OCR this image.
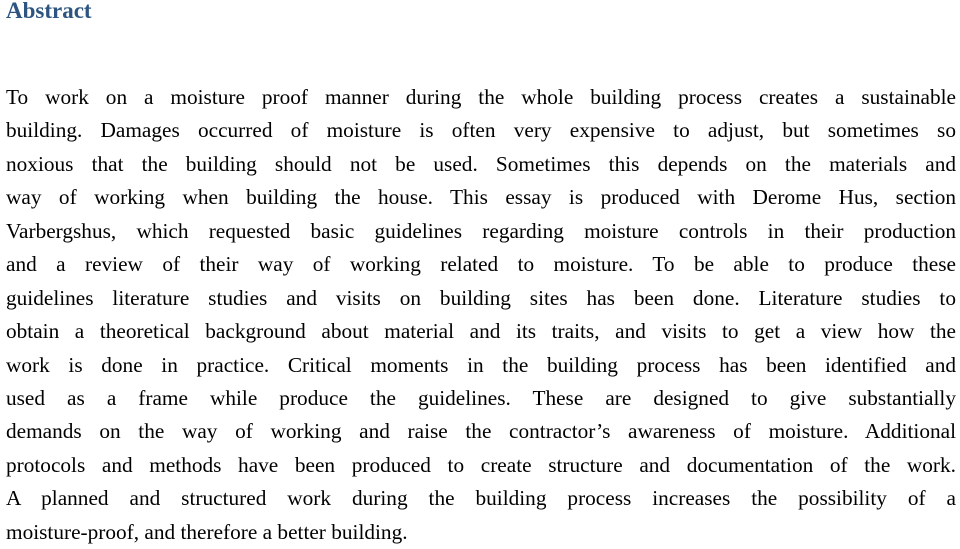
Abstract
To work on a moisture proof manner during the whole building process creates a sustainable
building. Damages occurred of moisture is often very expensive to adjust, but sometimes so
noxious that the building should not be used. Sometimes this depends on the materials and
way of working when building the house. This essay is produced with Derome Hus, section
Varbergshus, which requested basic guidelines regarding moisture controls in their production
and a review of their way of working related to moisture. To be able to produce these
guidelines literature studies and visits on building sites has been done. Literature studies to
obtain a theoretical background about material and its traits, and visits to get a view how the
work is done in practice. Critical moments in the building process has been identified and
used as a frame while produce the guidelines. These are designed to give substantially
demands on the way of working and raise the contractor’s awareness of moisture. Additional
protocols and methods have been produced to create structure and documentation of the work.
A planned and structured work during the building process increases the possibility of a
moisture-proof, and therefore a better building.
